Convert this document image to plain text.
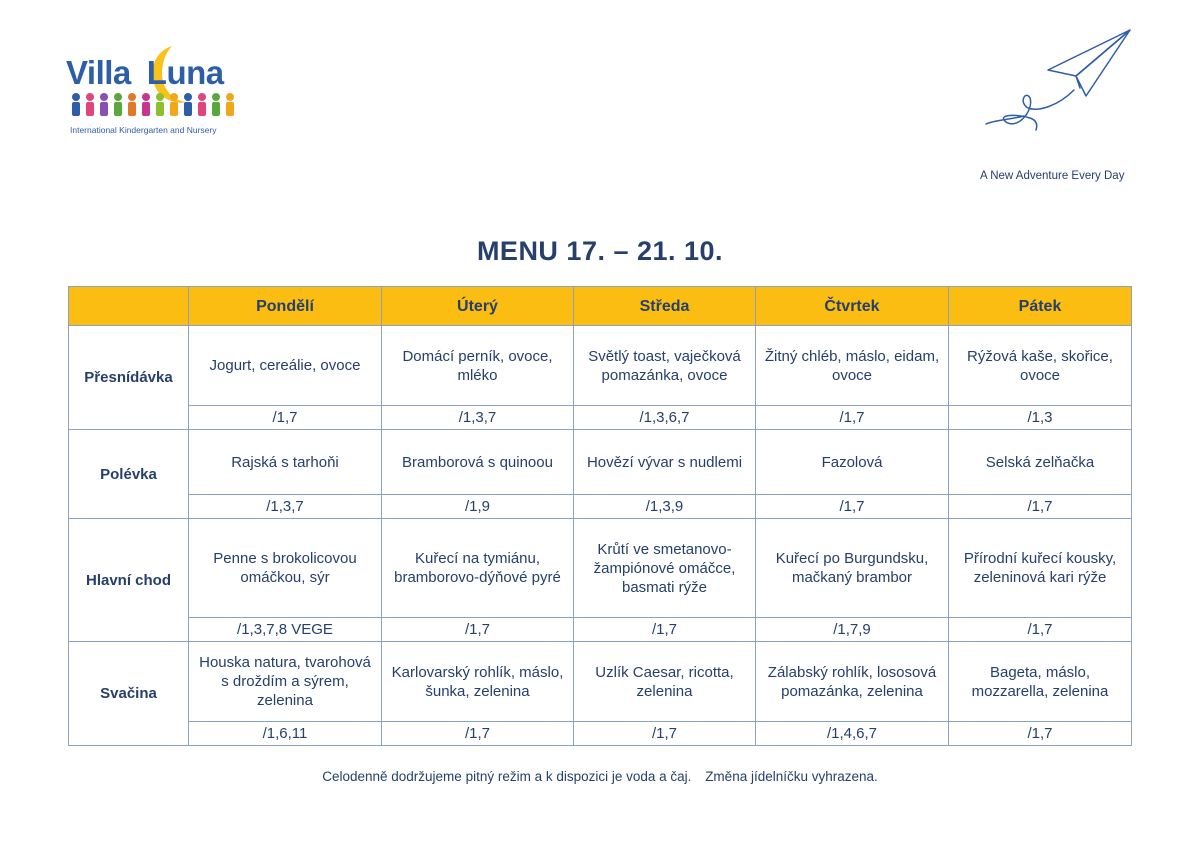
Villa Luna
International Kindergarten and Nursery
A New Adventure Every Day
MENU 17. – 21. 10.
	Pondělí	Úterý	Středa	Čtvrtek	Pátek
Přesnídávka	Jogurt, cereálie, ovoce	Domácí perník, ovoce, mléko	Světlý toast, vaječková pomazánka, ovoce	Žitný chléb, máslo, eidam, ovoce	Rýžová kaše, skořice, ovoce
	/1,7	/1,3,7	/1,3,6,7	/1,7	/1,3
Polévka	Rajská s tarhoňi	Bramborová s quinoou	Hovězí vývar s nudlemi	Fazolová	Selská zelňačka
	/1,3,7	/1,9	/1,3,9	/1,7	/1,7
Hlavní chod	Penne s brokolicovou omáčkou, sýr	Kuřecí na tymiánu, bramborovo-dýňové pyré	Krůtí ve smetanovo-žampiónové omáčce, basmati rýže	Kuřecí po Burgundsku, mačkaný brambor	Přírodní kuřecí kousky, zeleninová kari rýže
	/1,3,7,8 VEGE	/1,7	/1,7	/1,7,9	/1,7
Svačina	Houska natura, tvarohová s droždím a sýrem, zelenina	Karlovarský rohlík, máslo, šunka, zelenina	Uzlík Caesar, ricotta, zelenina	Zálabský rohlík, lososová pomazánka, zelenina	Bageta, máslo, mozzarella, zelenina
	/1,6,11	/1,7	/1,7	/1,4,6,7	/1,7
Celodenně dodržujeme pitný režim a k dispozici je voda a čaj. Změna jídelníčku vyhrazena.
